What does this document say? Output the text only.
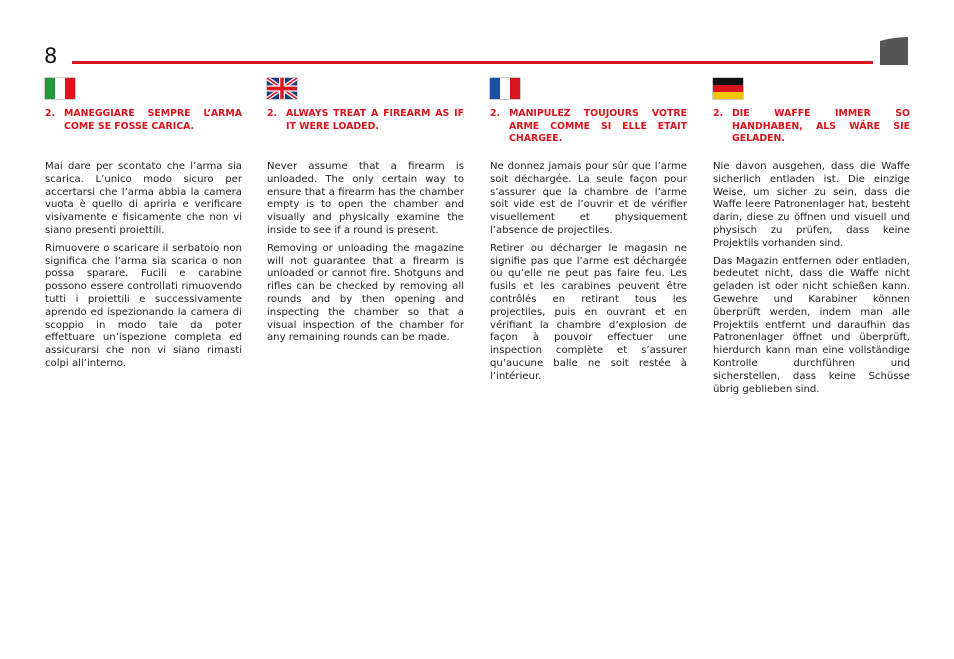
8
2. MANEGGIARE SEMPRE L’ARMA COME SE FOSSE CARICA.

Mai dare per scontato che l’arma sia scarica. L’unico modo sicuro per accertarsi che l’arma abbia la camera vuota è quello di aprirla e verificare visivamente e fisicamente che non vi siano presenti proiettili.

Rimuovere o scaricare il serbatoio non significa che l’arma sia scarica o non possa sparare. Fucili e carabine possono essere controllati rimuovendo tutti i proiettili e successivamente aprendo ed ispezionando la camera di scoppio in modo tale da poter effettuare un’ispezione completa ed assicurarsi che non vi siano rimasti colpi all’interno.

2. ALWAYS TREAT A FIREARM AS IF IT WERE LOADED.

Never assume that a firearm is unloaded. The only certain way to ensure that a firearm has the chamber empty is to open the chamber and visually and physically examine the inside to see if a round is present.

Removing or unloading the magazine will not guarantee that a firearm is unloaded or cannot fire. Shotguns and rifles can be checked by removing all rounds and by then opening and inspecting the chamber so that a visual inspection of the chamber for any remaining rounds can be made.

2. MANIPULEZ TOUJOURS VOTRE ARME COMME SI ELLE ETAIT CHARGEE.

Ne donnez jamais pour sûr que l’arme soit déchargée. La seule façon pour s’assurer que la chambre de l’arme soit vide est de l’ouvrir et de vérifier visuellement et physiquement l’absence de projectiles.

Retirer ou décharger le magasin ne signifie pas que l’arme est déchargée ou qu’elle ne peut pas faire feu. Les fusils et les carabines peuvent être contrôlés en retirant tous les projectiles, puis en ouvrant et en vérifiant la chambre d’explosion de façon à pouvoir effectuer une inspection complète et s’assurer qu’aucune balle ne soit restée à l’intérieur.

2. DIE WAFFE IMMER SO HANDHABEN, ALS WÄRE SIE GELADEN.

Nie davon ausgehen, dass die Waffe sicherlich entladen ist. Die einzige Weise, um sicher zu sein, dass die Waffe leere Patronenlager hat, besteht darin, diese zu öffnen und visuell und physisch zu prüfen, dass keine Projektils vorhanden sind.

Das Magazin entfernen oder entladen, bedeutet nicht, dass die Waffe nicht geladen ist oder nicht schießen kann. Gewehre und Karabiner können überprüft werden, indem man alle Projektils entfernt und daraufhin das Patronenlager öffnet und überprüft, hierdurch kann man eine vollständige Kontrolle durchführen und sicherstellen, dass keine Schüsse übrig geblieben sind.
